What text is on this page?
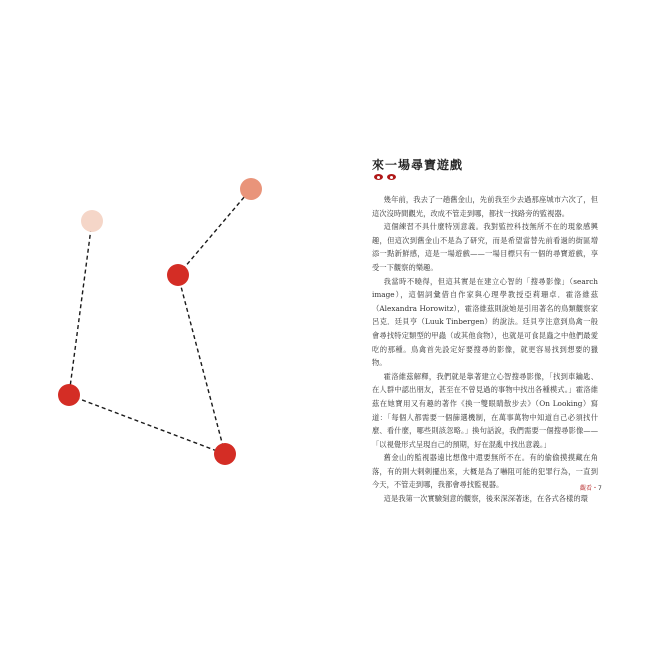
來一場尋寶遊戲

幾年前，我去了一趟舊金山，先前我至少去過那座城市六次了，但這次沒時間觀光，改成不管走到哪，都找一找路旁的監視器。

這個練習不具什麼特別意義。我對監控科技無所不在的現象感興趣，但這次到舊金山不是為了研究，而是希望當替先前看過的街區增添一點新鮮感，這是一場遊戲——一場目標只有一個的尋寶遊戲，享受一下觀察的樂趣。

我當時不曉得，但這其實是在建立心智的「搜尋影像」（search image），這個詞彙借自作家與心理學教授亞莉珊卓．霍洛維茲（Alexandra Horowitz），霍洛維茲則說她是引用著名的鳥類觀察家呂克．廷貝亨（Luuk Tinbergen）的說法。廷貝亨注意到鳥禽一般會尋找特定類型的甲蟲（或其他食物），也就是可食昆蟲之中他們最愛吃的那種。鳥禽首先設定好要搜尋的影像，就更容易找到想要的獵物。

霍洛維茲解釋，我們就是靠著建立心智搜尋影像，「找到車鑰匙、在人群中認出朋友，甚至在不曾見過的事物中找出各種模式。」霍洛維茲在她寶用又有趣的著作《換一雙眼睛散步去》（On Looking）寫道：「每個人都需要一個篩選機制，在萬事萬物中知道自己必須找什麼、看什麼，哪些則該忽略。」換句話說，我們需要一個搜尋影像——「以視覺形式呈現自己的預期，好在混亂中找出意義。」

舊金山的監視器遠比想像中還要無所不在。有的偷偷摸摸藏在角落，有的則大剌剌擺出來，大概是為了嚇阻可能的犯罪行為，一直到今天，不管走到哪，我都會尋找監視器。

這是我第一次實驗刻意的觀察，後來深深著迷，在各式各樣的環

觀看・7
